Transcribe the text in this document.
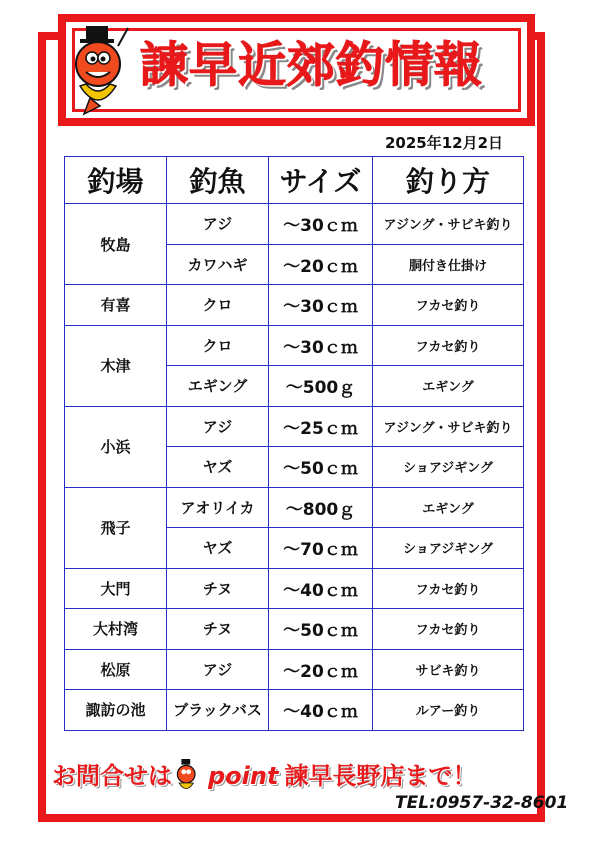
諫早近郊釣情報
2025年12月2日
釣場	釣魚	サイズ	釣り方
牧島	アジ	～30ｃｍ	アジング・サビキ釣り
	カワハギ	～20ｃｍ	胴付き仕掛け
有喜	クロ	～30ｃｍ	フカセ釣り
木津	クロ	～30ｃｍ	フカセ釣り
	エギング	～500ｇ	エギング
小浜	アジ	～25ｃｍ	アジング・サビキ釣り
	ヤズ	～50ｃｍ	ショアジギング
飛子	アオリイカ	～800ｇ	エギング
	ヤズ	～70ｃｍ	ショアジギング
大門	チヌ	～40ｃｍ	フカセ釣り
大村湾	チヌ	～50ｃｍ	フカセ釣り
松原	アジ	～20ｃｍ	サビキ釣り
諏訪の池	ブラックバス	～40ｃｍ	ルアー釣り
お問合せは point 諫早長野店まで！
TEL:0957-32-8601
